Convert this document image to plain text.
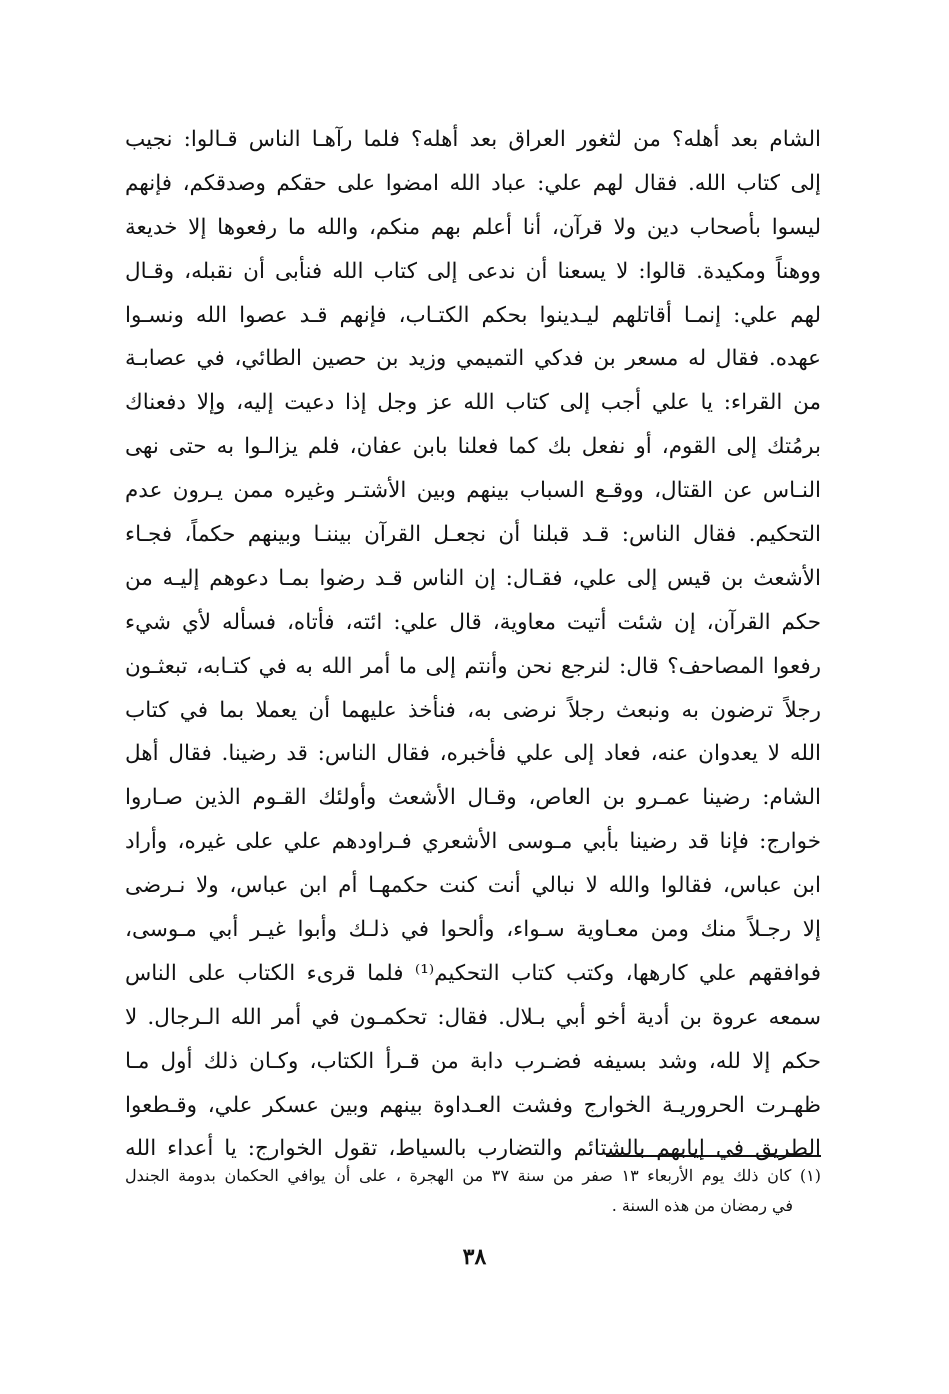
الشام بعد أهله؟ من لثغور العراق بعد أهله؟ فلما رآهـا الناس قـالوا: نجيب
إلى كتاب الله. فقال لهم علي: عباد الله امضوا على حقكم وصدقكم، فإنهم
ليسوا بأصحاب دين ولا قرآن، أنا أعلم بهم منكم، والله ما رفعوها إلا خديعة
ووهناً ومكيدة. قالوا: لا يسعنا أن ندعى إلى كتاب الله فنأبى أن نقبله، وقـال
لهم علي: إنمـا أقاتلهم ليـدينوا بحكم الكتـاب، فإنهم قـد عصوا الله ونسـوا
عهده. فقال له مسعر بن فدكي التميمي وزيد بن حصين الطائي، في عصابـة
من القراء: يا علي أجب إلى كتاب الله عز وجل إذا دعيت إليه، وإلا دفعناك
برمُتك إلى القوم، أو نفعل بك كما فعلنا بابن عفان، فلم يزالـوا به حتى نهى
النـاس عن القتال، ووقـع السباب بينهم وبين الأشتـر وغيره ممن يـرون عدم
التحكيم. فقال الناس: قـد قبلنا أن نجعـل القرآن بيننـا وبينهم حكماً، فجـاء
الأشعث بن قيس إلى علي، فقـال: إن الناس قـد رضوا بمـا دعوهم إليـه من
حكم القرآن، إن شئت أتيت معاوية، قال علي: ائته، فأتاه، فسأله لأي شيء
رفعوا المصاحف؟ قال: لنرجع نحن وأنتم إلى ما أمر الله به في كتـابه، تبعثـون
رجلاً ترضون به ونبعث رجلاً نرضى به، فنأخذ عليهما أن يعملا بما في كتاب
الله لا يعدوان عنه، فعاد إلى علي فأخبره، فقال الناس: قد رضينا. فقال أهل
الشام: رضينا عمـرو بن العاص، وقـال الأشعث وأولئك القـوم الذين صـاروا
خوارج: فإنا قد رضينا بأبي مـوسى الأشعري فـراودهم علي على غيره، وأراد
ابن عباس، فقالوا والله لا نبالي أنت كنت حكمهـا أم ابن عباس، ولا نـرضى
إلا رجـلاً منك ومن معـاوية سـواء، وألحوا في ذلـك وأبوا غيـر أبي مـوسى،
فوافقهم علي كارهها، وكتب كتاب التحكيم⁽¹⁾ فلما قرىء الكتاب على الناس
سمعه عروة بن أدية أخو أبي بـلال. فقال: تحكمـون في أمر الله الـرجال. لا
حكم إلا لله، وشد بسيفه فضـرب دابة من قـرأ الكتاب، وكـان ذلك أول مـا
ظهـرت الحروريـة الخوارج وفشت العـداوة بينهم وبين عسكر علي، وقـطعوا
الطريق في إيابهم بالشتائم والتضارب بالسياط، تقول الخوارج: يا أعداء الله
(١) كان ذلك يوم الأربعاء ١٣ صفر من سنة ٣٧ من الهجرة ، على أن يوافي الحكمان بدومة الجندل
في رمضان من هذه السنة .
٣٨
